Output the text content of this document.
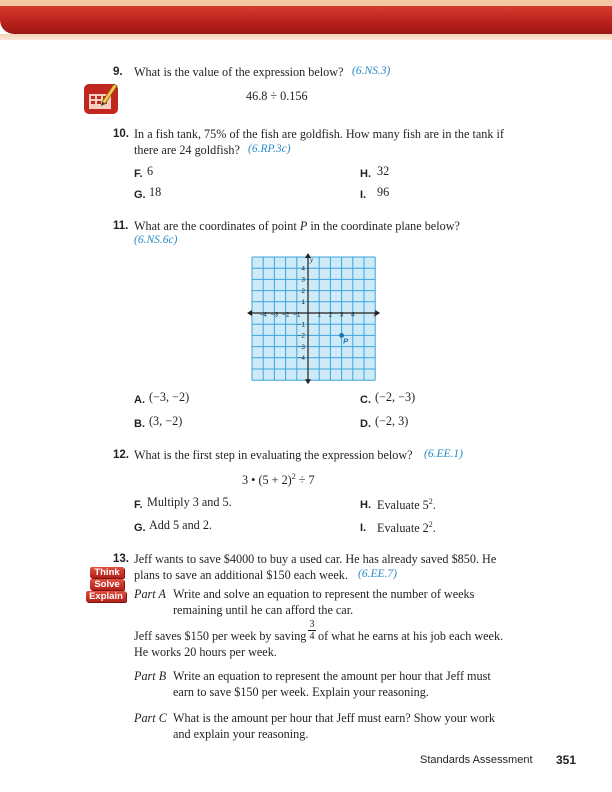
9. What is the value of the expression below? (6.NS.3)
46.8 ÷ 0.156
10. In a fish tank, 75% of the fish are goldfish. How many fish are in the tank if
there are 24 goldfish? (6.RP.3c)
F. 6	H. 32
G. 18	I. 96
11. What are the coordinates of point P in the coordinate plane below?
(6.NS.6c)
−4 −3 −2 −1	1 2 3 4
4
3
2
1
−1
−2
−3
−4
x
y
P
A. (−3, −2)	C. (−2, −3)
B. (3, −2)	D. (−2, 3)
12. What is the first step in evaluating the expression below? (6.EE.1)
3 • $(5 + 2)^2 \div 7$
F. Multiply 3 and 5.	H. Evaluate $5^2$.
G. Add 5 and 2.	I. Evaluate $2^2$.
13. Jeff wants to save $4000 to buy a used car. He has already saved $850. He
plans to save an additional $150 each week. (6.EE.7)
Think
Solve
Explain Part A Write and solve an equation to represent the number of weeks
remaining until he can afford the car.
Jeff saves $150 per week by saving
3
4 of what he earns at his job each week.
He works 20 hours per week.
Part B Write an equation to represent the amount per hour that Jeff must
earn to save $150 per week. Explain your reasoning.
Part C What is the amount per hour that Jeff must earn? Show your work
and explain your reasoning.
Standards Assessment 351
